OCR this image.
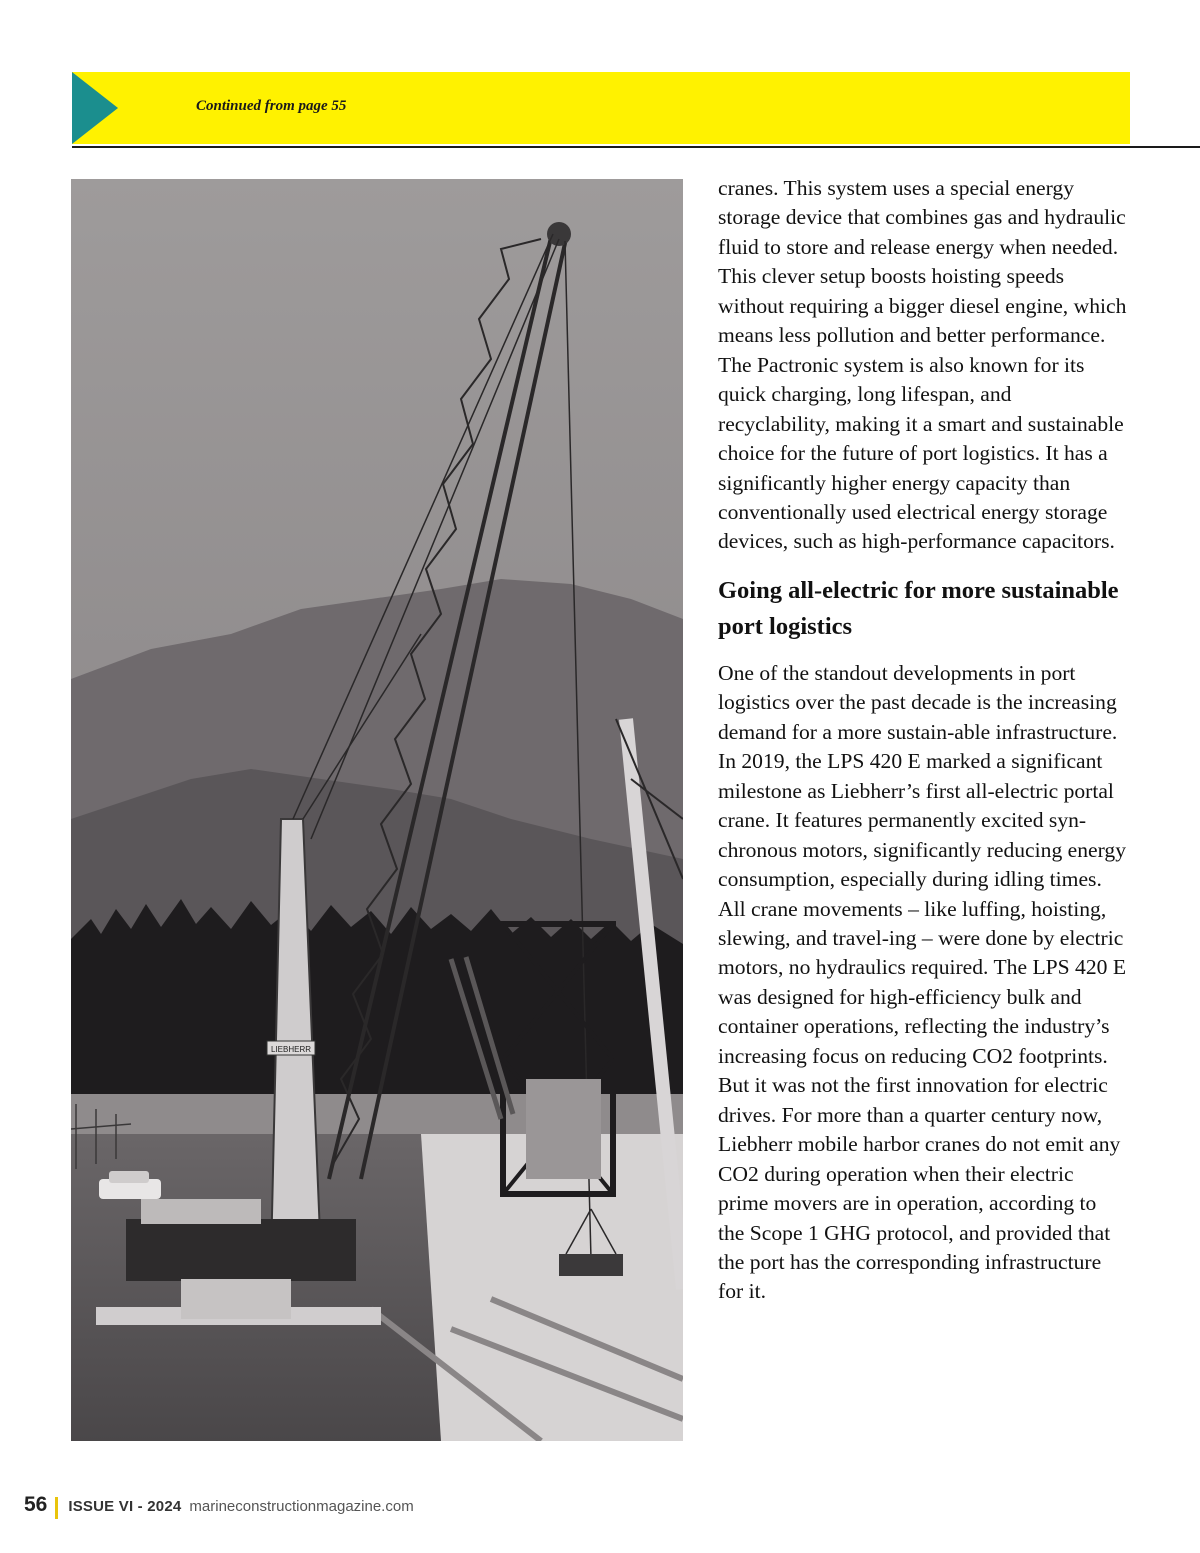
Continued from page 55
LIEBHERR

cranes. This system uses a special energy storage device that combines gas and hydraulic fluid to store and release energy when needed. This clever setup boosts hoisting speeds without requiring a bigger diesel engine, which means less pollution and better performance. The Pactronic system is also known for its quick charging, long lifespan, and recyclability, making it a smart and sustainable choice for the future of port logistics. It has a significantly higher energy capacity than conventionally used electrical energy storage devices, such as high-performance capacitors.

Going all-electric for more sustainable port logistics

One of the standout developments in port logistics over the past decade is the increasing demand for a more sustain-able infrastructure. In 2019, the LPS 420 E marked a significant milestone as Liebherr’s first all-electric portal crane. It features permanently excited syn-chronous motors, significantly reducing energy consumption, especially during idling times. All crane movements – like luffing, hoisting, slewing, and travel-ing – were done by electric motors, no hydraulics required. The LPS 420 E was designed for high-efficiency bulk and container operations, reflecting the industry’s increasing focus on reducing CO2 footprints. But it was not the first innovation for electric drives. For more than a quarter century now, Liebherr mobile harbor cranes do not emit any CO2 during operation when their electric prime movers are in operation, according to the Scope 1 GHG protocol, and provided that the port has the corresponding infrastructure for it.

56 ISSUE VI - 2024 marineconstructionmagazine.com
